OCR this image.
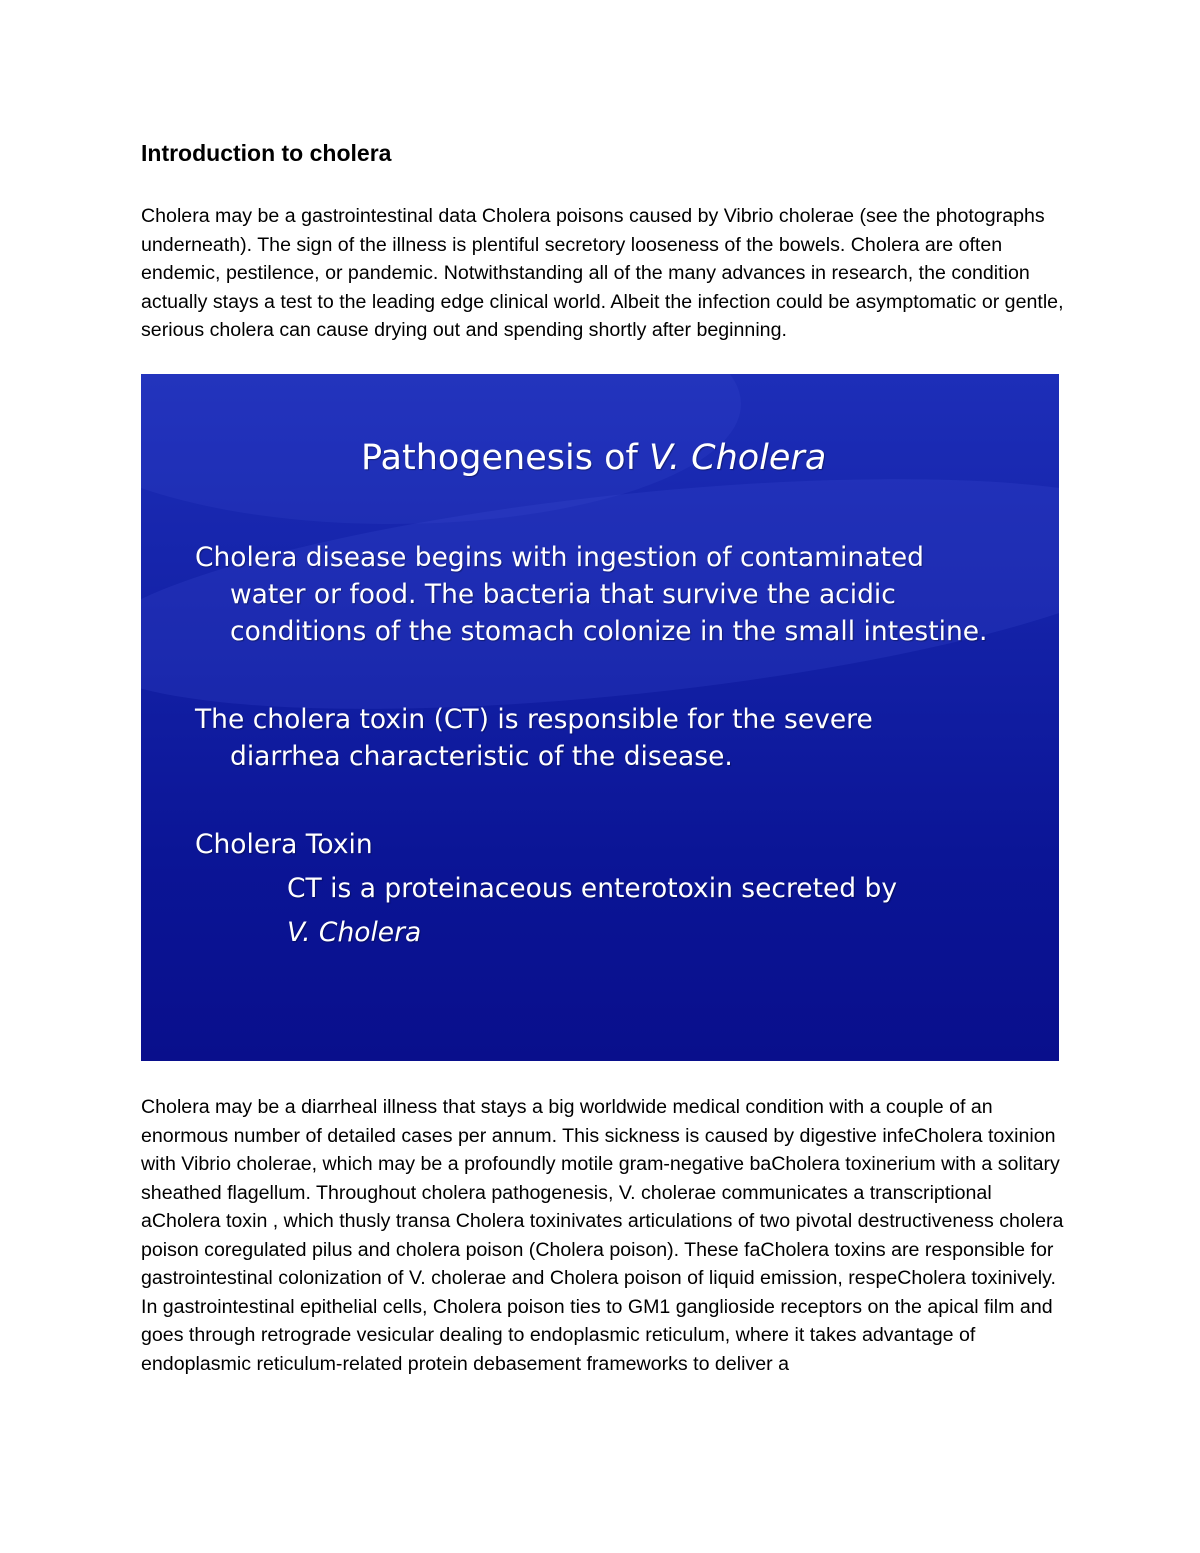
Introduction to cholera

Cholera may be a gastrointestinal data Cholera poisons caused by Vibrio cholerae (see the photographs underneath). The sign of the illness is plentiful secretory looseness of the bowels. Cholera are often endemic, pestilence, or pandemic. Notwithstanding all of the many advances in research, the condition actually stays a test to the leading edge clinical world. Albeit the infection could be asymptomatic or gentle, serious cholera can cause drying out and spending shortly after beginning.

Pathogenesis of V. Cholera
Cholera disease begins with ingestion of contaminated
water or food. The bacteria that survive the acidic
conditions of the stomach colonize in the small intestine.
The cholera toxin (CT) is responsible for the severe
diarrhea characteristic of the disease.
Cholera Toxin
CT is a proteinaceous enterotoxin secreted by
V. Cholera

Cholera may be a diarrheal illness that stays a big worldwide medical condition with a couple of an enormous number of detailed cases per annum. This sickness is caused by digestive infeCholera toxinion with Vibrio cholerae, which may be a profoundly motile gram-negative baCholera toxinerium with a solitary sheathed flagellum. Throughout cholera pathogenesis, V. cholerae communicates a transcriptional aCholera toxin , which thusly transa Cholera toxinivates articulations of two pivotal destructiveness cholera poison coregulated pilus and cholera poison (Cholera poison). These faCholera toxins are responsible for gastrointestinal colonization of V. cholerae and Cholera poison of liquid emission, respeCholera toxinively. In gastrointestinal epithelial cells, Cholera poison ties to GM1 ganglioside receptors on the apical film and goes through retrograde vesicular dealing to endoplasmic reticulum, where it takes advantage of endoplasmic reticulum-related protein debasement frameworks to deliver a
